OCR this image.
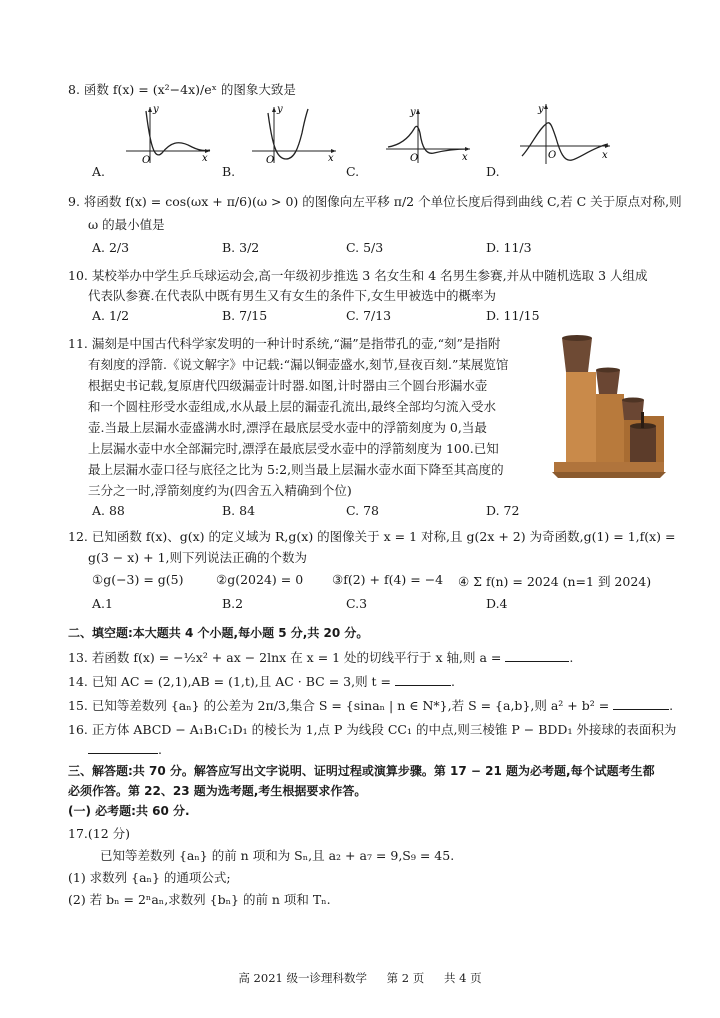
8. 函数 f(x) = (x²−4x)/eˣ 的图象大致是
O	x
y
O	x
y
O	x
y
O	x
y
A.	B.	C.	D.
9. 将函数 f(x) = cos(ωx + π/6)(ω > 0) 的图像向左平移 π/2 个单位长度后得到曲线 C,若 C 关于原点对称,则
ω 的最小值是
A. 2/3	B. 3/2	C. 5/3	D. 11/3
10. 某校举办中学生乒乓球运动会,高一年级初步推选 3 名女生和 4 名男生参赛,并从中随机选取 3 人组成
代表队参赛.在代表队中既有男生又有女生的条件下,女生甲被选中的概率为
A. 1/2	B. 7/15	C. 7/13	D. 11/15
11. 漏刻是中国古代科学家发明的一种计时系统,“漏”是指带孔的壶,“刻”是指附
有刻度的浮箭.《说文解字》中记载:“漏以铜壶盛水,刻节,昼夜百刻.”某展览馆
根据史书记载,复原唐代四级漏壶计时器.如图,计时器由三个圆台形漏水壶
和一个圆柱形受水壶组成,水从最上层的漏壶孔流出,最终全部均匀流入受水
壶.当最上层漏水壶盛满水时,漂浮在最底层受水壶中的浮箭刻度为 0,当最
上层漏水壶中水全部漏完时,漂浮在最底层受水壶中的浮箭刻度为 100.已知
最上层漏水壶口径与底径之比为 5:2,则当最上层漏水壶水面下降至其高度的
三分之一时,浮箭刻度约为(四舍五入精确到个位)
A. 88	B. 84	C. 78	D. 72
12. 已知函数 f(x)、g(x) 的定义域为 R,g(x) 的图像关于 x = 1 对称,且 g(2x + 2) 为奇函数,g(1) = 1,f(x) =
g(3 − x) + 1,则下列说法正确的个数为
①g(−3) = g(5)	②g(2024) = 0 ③f(2) + f(4) = −4 ④ Σ f(n) = 2024 (n=1 到 2024)
A.1	B.2	C.3	D.4
二、填空题:本大题共 4 个小题,每小题 5 分,共 20 分。
13. 若函数 f(x) = −½x² + ax − 2lnx 在 x = 1 处的切线平行于 x 轴,则 a =	.
14. 已知 AC = (2,1),AB = (1,t),且 AC · BC = 3,则 t =	.
15. 已知等差数列 {aₙ} 的公差为 2π/3,集合 S = {sinaₙ | n ∈ N*},若 S = {a,b},则 a² + b² =	.
16. 正方体 ABCD − A₁B₁C₁D₁ 的棱长为 1,点 P 为线段 CC₁ 的中点,则三棱锥 P − BDD₁ 外接球的表面积为
.
三、解答题:共 70 分。解答应写出文字说明、证明过程或演算步骤。第 17 − 21 题为必考题,每个试题考生都
必须作答。第 22、23 题为选考题,考生根据要求作答。
(一) 必考题:共 60 分.
17.(12 分)
已知等差数列 {aₙ} 的前 n 项和为 Sₙ,且 a₂ + a₇ = 9,S₉ = 45.
(1) 求数列 {aₙ} 的通项公式;
(2) 若 bₙ = 2ⁿaₙ,求数列 {bₙ} 的前 n 项和 Tₙ.
高 2021 级一诊理科数学 第 2 页 共 4 页
